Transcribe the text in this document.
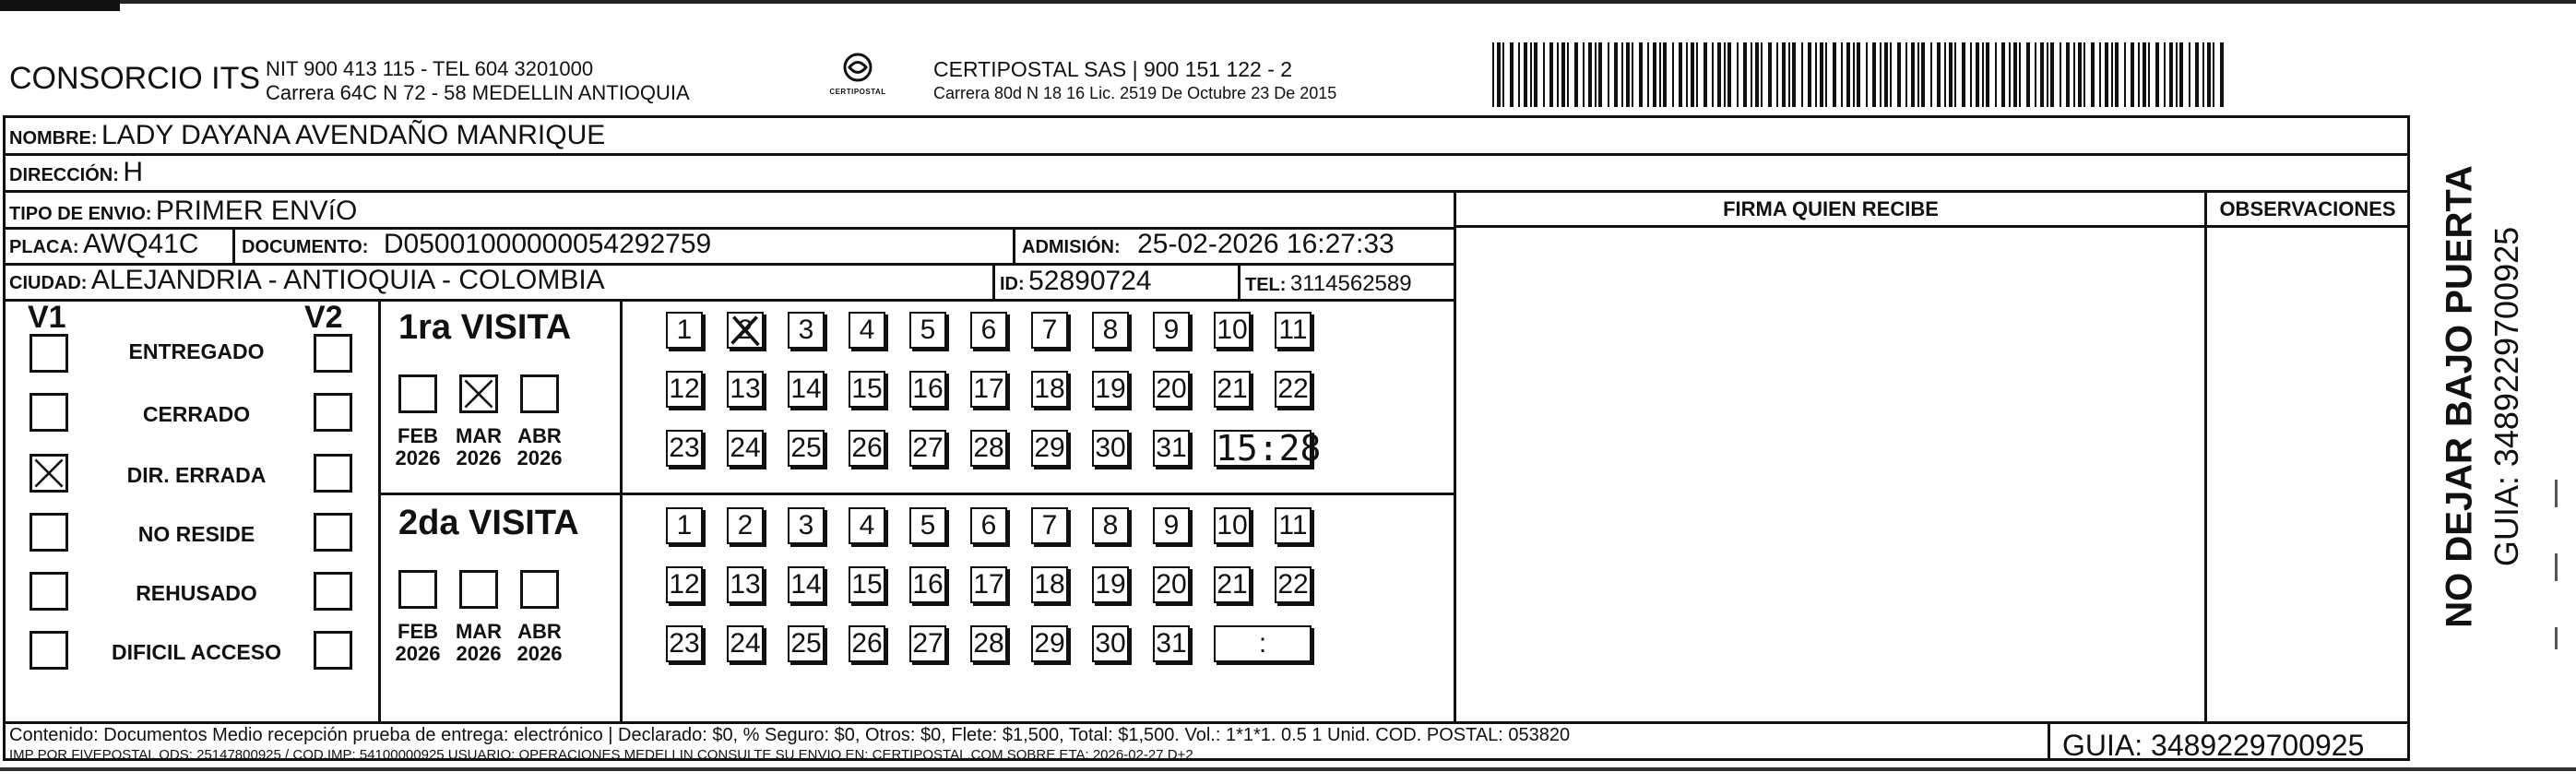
CONSORCIO ITS NIT 900 413 115 - TEL 604 3201000
Carrera 64C N 72 - 58 MEDELLIN ANTIOQUIA	CERTIPOSTAL
CERTIPOSTAL SAS | 900 151 122 - 2
Carrera 80d N 18 16 Lic. 2519 De Octubre 23 De 2015
NOMBRE: LADY DAYANA AVENDAÑO MANRIQUE
DIRECCIÓN: H
TIPO DE ENVIO: PRIMER ENVíO
PLACA: AWQ41C DOCUMENTO: D05001000000054292759	ADMISIÓN: 25-02-2026 16:27:33
CIUDAD: ALEJANDRIA - ANTIOQUIA - COLOMBIA	ID: 52890724	TEL: 3114562589
FIRMA QUIEN RECIBE	OBSERVACIONES
V1	V2
ENTREGADO
CERRADO
DIR. ERRADA
NO RESIDE
REHUSADO
DIFICIL ACCESO
1ra VISITA
2da VISITA
FEB
2026
MAR
2026
ABR
2026
1	2	3	4	5	6	7	8	9	10 11
12 13 14 15 16 17 18 19 20 21 22
23 24 25 26 27 28 29 30 31 15:28
FEB
2026
MAR
2026
ABR
2026
1	2	3	4	5	6	7	8	9	10 11
12 13 14 15 16 17 18 19 20 21 22
23 24 25 26 27 28 29 30 31	:
Contenido: Documentos Medio recepción prueba de entrega: electrónico | Declarado: $0, % Seguro: $0, Otros: $0, Flete: $1,500, Total: $1,500. Vol.: 1*1*1. 0.5 1 Unid. COD. POSTAL: 053820
IMP POR FIVEPOSTAL ODS: 25147800925 / COD.IMP: 54100000925 USUARIO: OPERACIONES MEDELLIN CONSULTE SU ENVIO EN: CERTIPOSTAL.COM SOBRE ETA: 2026-02-27 D+2	GUIA: 3489229700925
NO DEJAR BAJO PUERTA GUIA: 3489229700925
